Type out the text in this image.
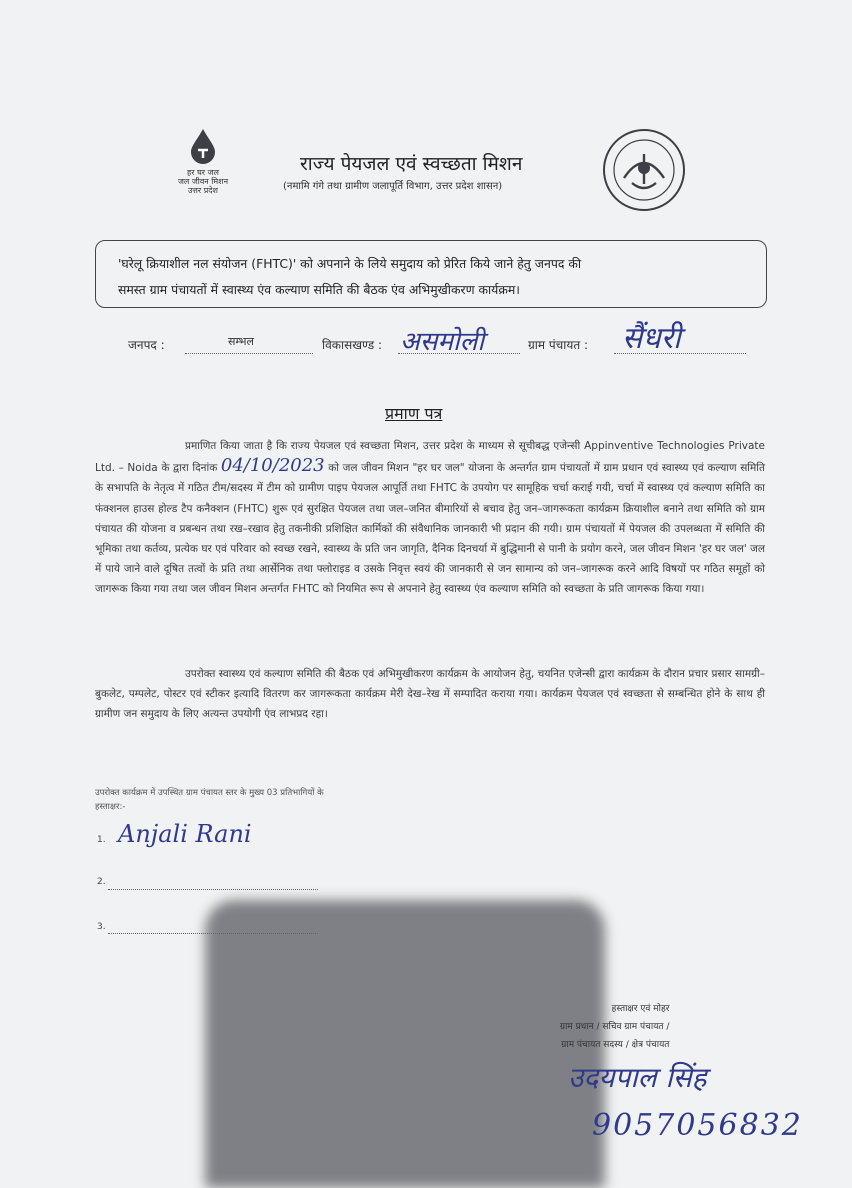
हर घर जल
जल जीवन मिशन
उत्तर प्रदेश
राज्य पेयजल एवं स्वच्छता मिशन
(नमामि गंगे तथा ग्रामीण जलापूर्ति विभाग, उत्तर प्रदेश शासन)
'घरेलू क्रियाशील नल संयोजन (FHTC)' को अपनाने के लिये समुदाय को प्रेरित किये जाने हेतु जनपद की
समस्त ग्राम पंचायतों में स्वास्थ्य एंव कल्याण समिति की बैठक एंव अभिमुखीकरण कार्यक्रम।
जनपद :	सम्भल	विकासखण्ड : असमोली	ग्राम पंचायत : सैंधरी
प्रमाण पत्र
प्रमाणित किया जाता है कि राज्य पेयजल एवं स्वच्छता मिशन, उत्तर प्रदेश के माध्यम से सूचीबद्ध एजेन्सी Appinventive Technologies Private Ltd. – Noida के द्वारा दिनांक 04/10/2023 को जल जीवन मिशन "हर घर जल" योजना के अन्तर्गत ग्राम पंचायतों में ग्राम प्रधान एवं स्वास्थ्य एवं कल्याण समिति के सभापति के नेतृत्व में गठित टीम/सदस्य में टीम को ग्रामीण पाइप पेयजल आपूर्ति तथा FHTC के उपयोग पर सामूहिक चर्चा कराई गयी, चर्चा में स्वास्थ्य एवं कल्याण समिति का फंक्शनल हाउस होल्ड टैप कनैक्शन (FHTC) शुरू एवं सुरक्षित पेयजल तथा जल–जनित बीमारियों से बचाव हेतु जन–जागरूकता कार्यक्रम क्रियाशील बनाने तथा समिति को ग्राम पंचायत की योजना व प्रबन्धन तथा रख–रखाव हेतु तकनीकी प्रशिक्षित कार्मिकों की संवैधानिक जानकारी भी प्रदान की गयी। ग्राम पंचायतों में पेयजल की उपलब्धता में समिति की भूमिका तथा कर्तव्य, प्रत्येक घर एवं परिवार को स्वच्छ रखने, स्वास्थ्य के प्रति जन जागृति, दैनिक दिनचर्या में बुद्धिमानी से पानी के प्रयोग करने, जल जीवन मिशन 'हर घर जल' जल में पाये जाने वाले दूषित तत्वों के प्रति तथा आर्सेनिक तथा फ्लोराइड व उसके निवृत्त स्वयं की जानकारी से जन सामान्य को जन–जागरूक करने आदि विषयों पर गठित समूहों को जागरूक किया गया तथा जल जीवन मिशन अन्तर्गत FHTC को नियमित रूप से अपनाने हेतु स्वास्थ्य एंव कल्याण समिति को स्वच्छता के प्रति जागरूक किया गया।
उपरोक्त स्वास्थ्य एवं कल्याण समिति की बैठक एवं अभिमुखीकरण कार्यक्रम के आयोजन हेतु, चयनित एजेन्सी द्वारा कार्यक्रम के दौरान प्रचार प्रसार सामग्री–बुकलेट, पम्पलेट, पोस्टर एवं स्टीकर इत्यादि वितरण कर जागरूकता कार्यक्रम मेरी देख–रेख में सम्पादित कराया गया। कार्यक्रम पेयजल एवं स्वच्छता से सम्बन्धित होने के साथ ही ग्रामीण जन समुदाय के लिए अत्यन्त उपयोगी एंव लाभप्रद रहा।
उपरोक्त कार्यक्रम में उपस्थित ग्राम पंचायत स्तर के मुख्य 03 प्रतिभागियों के
हस्ताक्षर:-
1. Anjali Rani
2.
3.
हस्ताक्षर एवं मोहर
ग्राम प्रधान / सचिव ग्राम पंचायत /
ग्राम पंचायत सदस्य / क्षेत्र पंचायत
उदयपाल सिंह
9057056832
